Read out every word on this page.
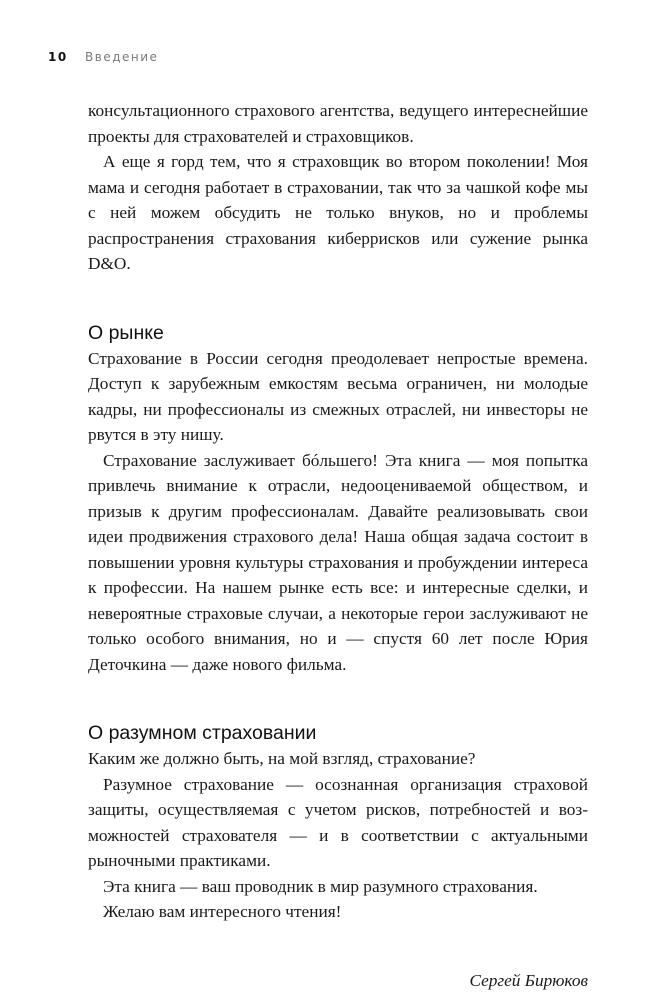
10 Введение

консультационного страхового агентства, ведущего интереснейшие проекты для страхователей и страховщиков.

А еще я горд тем, что я страховщик во втором поколении! Моя мама и сегодня работает в страховании, так что за чашкой кофе мы с ней можем обсудить не только внуков, но и проблемы распространения страхования киберрисков или сужение рынка D&O.

О рынке

Страхование в России сегодня преодолевает непростые времена. Доступ к зарубежным емкостям весьма ограничен, ни молодые кадры, ни профессионалы из смежных отраслей, ни инвесторы не рвутся в эту нишу.

Страхование заслуживает бóльшего! Эта книга — моя попытка привлечь внимание к отрасли, недооцениваемой обществом, и призыв к другим профессионалам. Давайте реализовывать свои идеи продвижения страхового дела! Наша общая задача состоит в повышении уровня культуры страхования и пробуждении интереса к профессии. На нашем рынке есть все: и интересные сделки, и невероятные страховые случаи, а некоторые герои заслуживают не только особого внимания, но и — спустя 60 лет после Юрия Деточкина — даже нового фильма.

О разумном страховании

Каким же должно быть, на мой взгляд, страхование?

Разумное страхование — осознанная организация страховой защиты, осуществляемая с учетом рисков, потребностей и возможностей страхователя — и в соответствии с актуальными рыночными практиками.

Эта книга — ваш проводник в мир разумного страхования.

Желаю вам интересного чтения!

Сергей Бирюков
